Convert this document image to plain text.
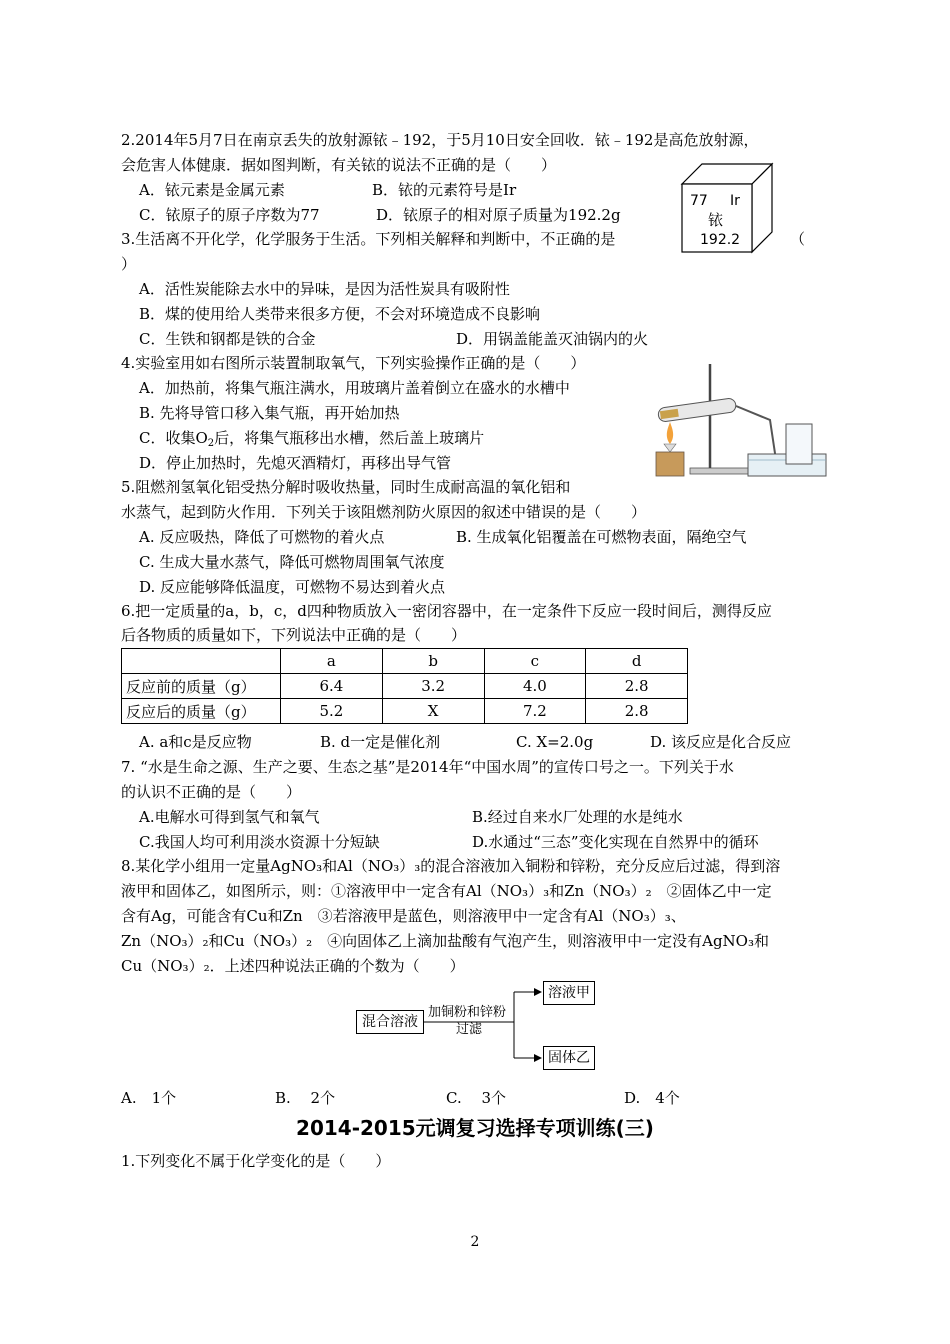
2.2014年5月7日在南京丢失的放射源铱﹣192，于5月10日安全回收．铱﹣192是高危放射源，
会危害人体健康．据如图判断，有关铱的说法不正确的是（　　）
A．铱元素是金属元素	B．铱的元素符号是Ir
C．铱原子的原子序数为77	D．铱原子的相对原子质量为192.2g
77 Ir
铱
192.2
3.生活离不开化学，化学服务于生活。下列相关解释和判断中，不正确的是	（
）
A．活性炭能除去水中的异味，是因为活性炭具有吸附性
B．煤的使用给人类带来很多方便，不会对环境造成不良影响
C．生铁和钢都是铁的合金	D．用锅盖能盖灭油锅内的火
4.实验室用如右图所示装置制取氧气，下列实验操作正确的是（　　）
A．加热前，将集气瓶注满水，用玻璃片盖着倒立在盛水的水槽中
B. 先将导管口移入集气瓶，再开始加热
C．收集$O_2$后，将集气瓶移出水槽，然后盖上玻璃片
D．停止加热时，先熄灭酒精灯，再移出导气管
5.阻燃剂氢氧化铝受热分解时吸收热量，同时生成耐高温的氧化铝和
水蒸气，起到防火作用．下列关于该阻燃剂防火原因的叙述中错误的是（　　）
A. 反应吸热，降低了可燃物的着火点	B. 生成氧化铝覆盖在可燃物表面，隔绝空气
C. 生成大量水蒸气，降低可燃物周围氧气浓度
D. 反应能够降低温度，可燃物不易达到着火点
6.把一定质量的a，b，c，d四种物质放入一密闭容器中，在一定条件下反应一段时间后，测得反应
后各物质的质量如下，下列说法中正确的是（　　）
	a	b	c	d
反应前的质量（g）	6.4	3.2	4.0	2.8
反应后的质量（g）	5.2	X	7.2	2.8
A. a和c是反应物	B. d一定是催化剂	C. X=2.0g	D. 该反应是化合反应
7. “水是生命之源、生产之要、生态之基”是2014年“中国水周”的宣传口号之一。下列关于水
的认识不正确的是（　　）
A.电解水可得到氢气和氧气	B.经过自来水厂处理的水是纯水
C.我国人均可利用淡水资源十分短缺	D.水通过“三态”变化实现在自然界中的循环
8.某化学小组用一定量AgNO₃和Al（NO₃）₃的混合溶液加入铜粉和锌粉，充分反应后过滤，得到溶
液甲和固体乙，如图所示，则：①溶液甲中一定含有Al（NO₃）₃和Zn（NO₃）₂　②固体乙中一定
含有Ag，可能含有Cu和Zn　③若溶液甲是蓝色，则溶液甲中一定含有Al（NO₃）₃、
Zn（NO₃）₂和Cu（NO₃）₂　④向固体乙上滴加盐酸有气泡产生，则溶液甲中一定没有AgNO₃和
Cu（NO₃）₂．上述四种说法正确的个数为（　　）
混合溶液
加铜粉和锌粉
过滤
溶液甲
固体乙
A.　1个	B.　 2个	C.　 3个	D.　4个
2014-2015元调复习选择专项训练(三)
1.下列变化不属于化学变化的是（　　）
2
